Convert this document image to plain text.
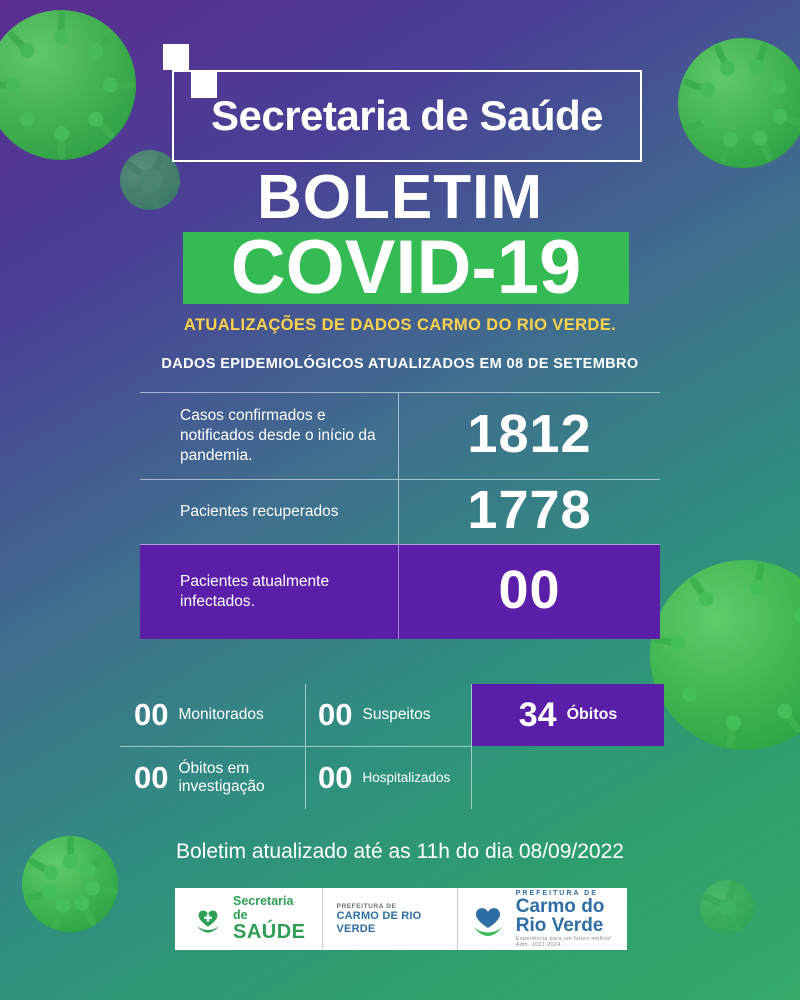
Secretaria de Saúde
BOLETIM
COVID-19
ATUALIZAÇÕES DE DADOS CARMO DO RIO VERDE.
DADOS EPIDEMIOLÓGICOS ATUALIZADOS EM 08 DE SETEMBRO
Casos confirmados e notificados desde o início da pandemia.	1812
Pacientes recuperados	1778
Pacientes atualmente infectados.	00
00 Monitorados 00 Suspeitos	34 Óbitos
00 Óbitos em investigação	00 Hospitalizados
Boletim atualizado até as 11h do dia 08/09/2022
Secretaria de
SAÚDE
PREFEITURA DE
CARMO DE RIO VERDE
PREFEITURA DE
Carmo do
Rio Verde
Experiência para um futuro melhor! Adm. 2021-2024
